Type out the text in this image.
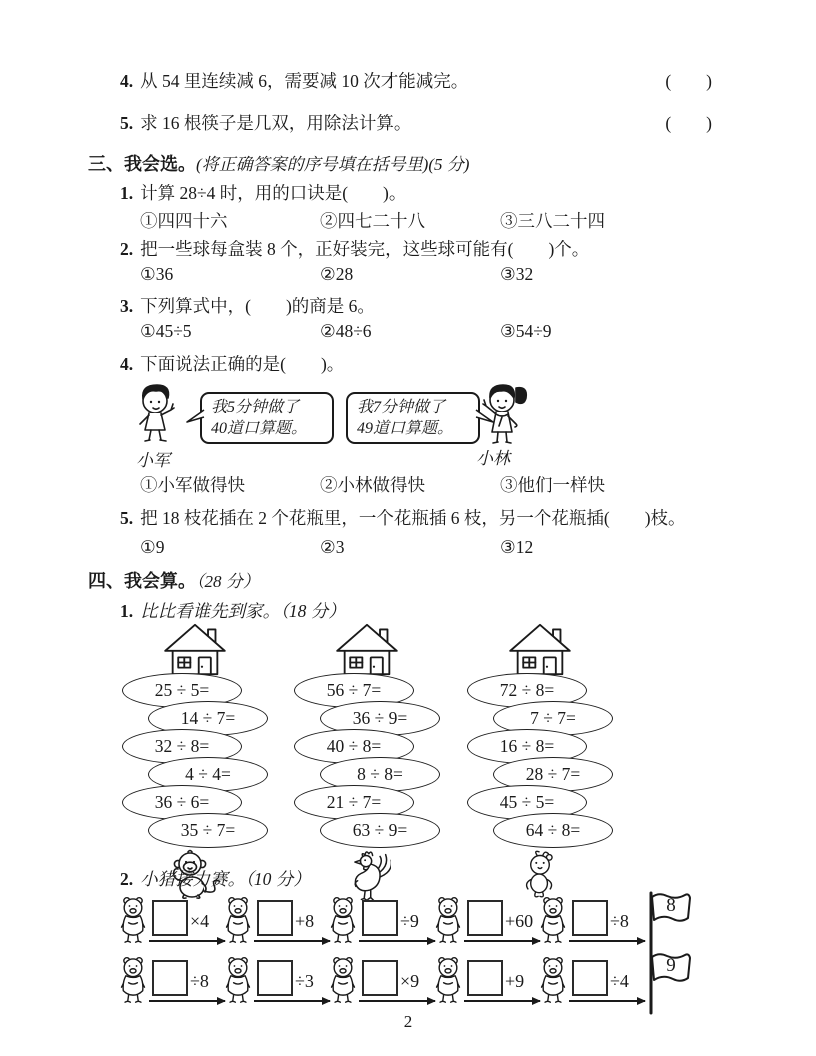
4. 从 54 里连续减 6，需要减 10 次才能减完。	(　　)
5. 求 16 根筷子是几双，用除法计算。	(　　)
三、我会选。(将正确答案的序号填在括号里)(5 分)
1. 计算 28÷4 时，用的口诀是(　　)。
①四四十六	②四七二十八	③三八二十四
2. 把一些球每盒装 8 个，正好装完，这些球可能有(　　)个。
①36	②28	③32
3. 下列算式中，(　　)的商是 6。
①45÷5	②48÷6	③54÷9
4. 下面说法正确的是(　　)。
小军
我5分钟做了
40道口算题。
我7分钟做了
49道口算题。
小林
①小军做得快	②小林做得快	③他们一样快
5. 把 18 枝花插在 2 个花瓶里，一个花瓶插 6 枝，另一个花瓶插(　　)枝。
①9	②3	③12
四、我会算。（28 分）
1. 比比看谁先到家。（18 分）
25 ÷ 5=
14 ÷ 7=
32 ÷ 8=
4 ÷ 4=
36 ÷ 6=
35 ÷ 7=
56 ÷ 7=
36 ÷ 9=
40 ÷ 8=
8 ÷ 8=
21 ÷ 7=
63 ÷ 9=
72 ÷ 8=
7 ÷ 7=
16 ÷ 8=
28 ÷ 7=
45 ÷ 5=
64 ÷ 8=
2. 小猪接力赛。（10 分）
×4	+8	÷9	+60	÷8
8
÷8	÷3	×9	+9	÷4
9
2
